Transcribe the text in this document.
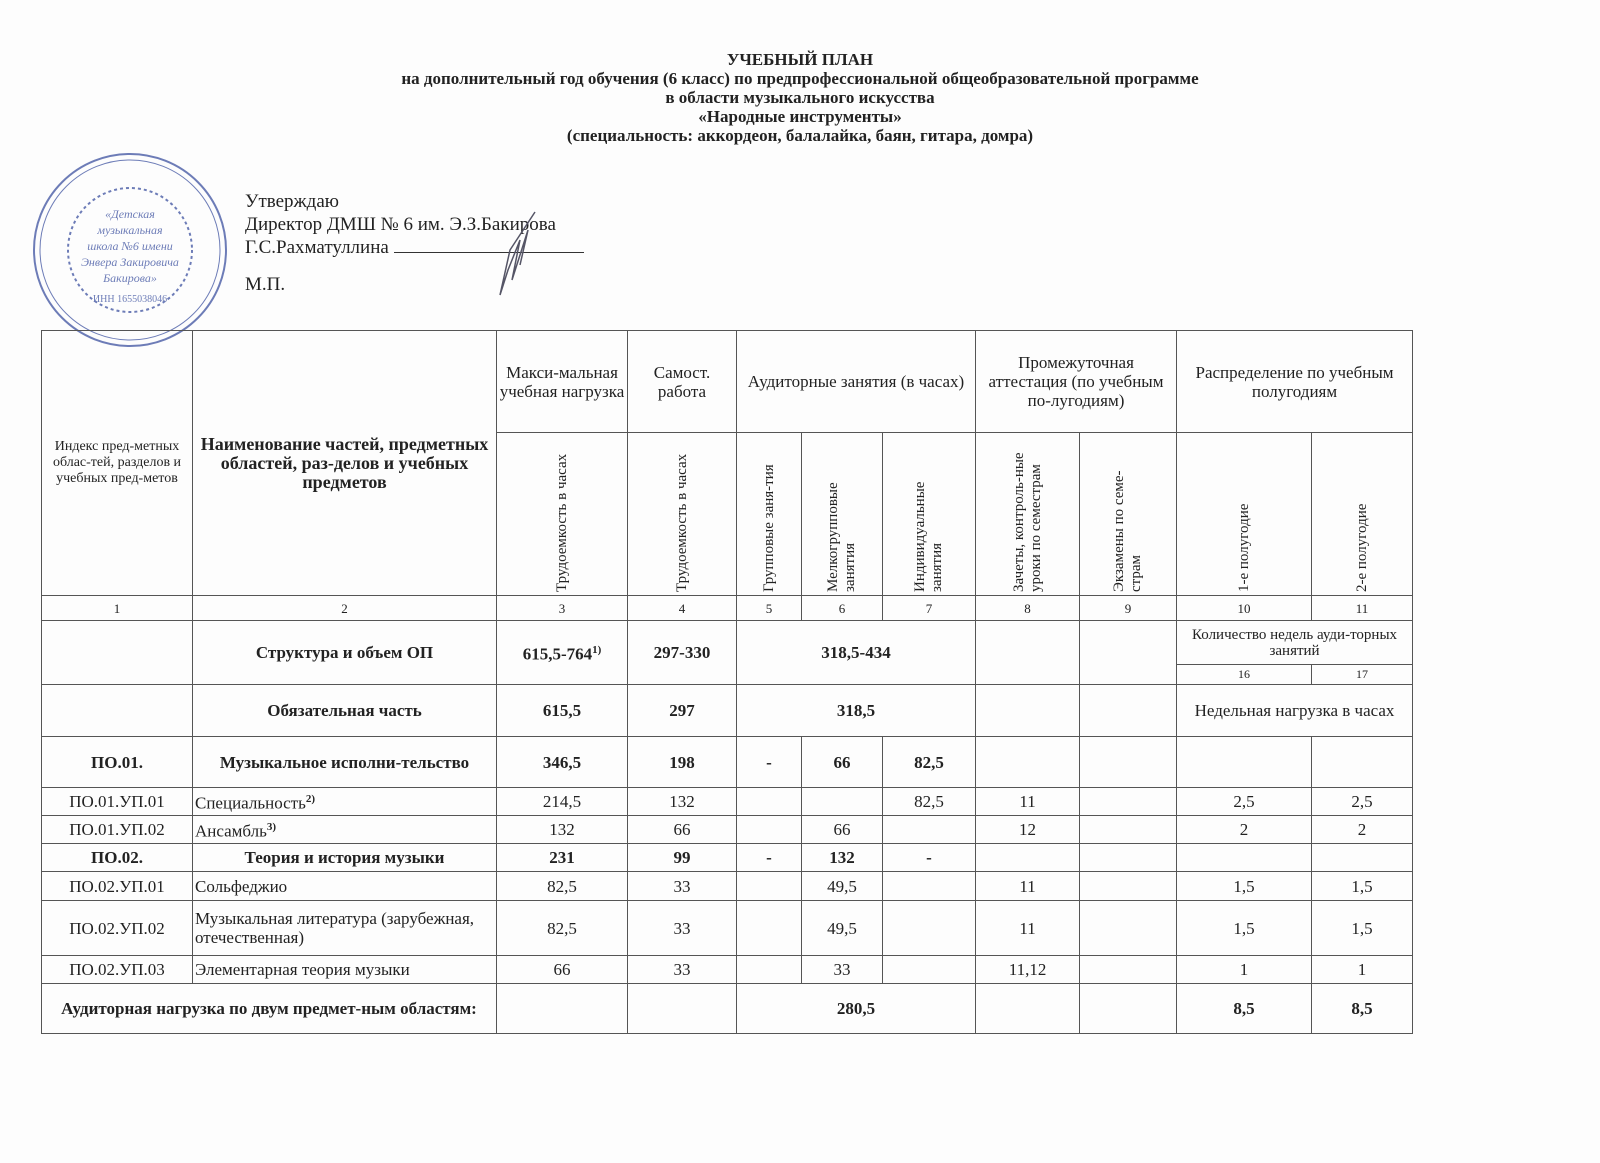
УЧЕБНЫЙ ПЛАН
на дополнительный год обучения (6 класс) по предпрофессиональной общеобразовательной программе
в области музыкального искусства
«Народные инструменты»
(специальность: аккордеон, балалайка, баян, гитара, домра)
«Детская
музыкальная
школа №6 имени
Энвера Закировича
Бакирова»
ИНН 1655038046
Утверждаю
Директор ДМШ № 6 им. Э.З.Бакирова
Г.С.Рахматуллина
М.П.
Индекс пред-метных облас-тей, разделов и учебных пред-метов	Наименование частей, предметных областей, раз-делов и учебных предметов	Макси-мальная учебная нагрузка	Самост. работа	Аудиторные занятия (в часах)			Промежуточная аттестация (по учебным по-лугодиям)		Распределение по учебным полугодиям	

		Трудоемкость в часах	Трудоемкость в часах	Групповые заня-тия	Мелкогрупповые занятия	Индивидуальные занятия	Зачеты, контроль-ные уроки по семестрам	Экзамены по семе-страм	1-е полугодие	2-е полугодие

1	2	3	4	5	6	7	8	9	10	11
	Структура и объем ОП	615,5-764$^{1)}$	297-330	318,5-434					Количество недель ауди-торных занятий	
									16	17
	Обязательная часть	615,5	297	318,5					Недельная нагрузка в часах	
ПО.01.	Музыкальное исполни-тельство	346,5	198	-	66	82,5				
ПО.01.УП.01	Специальность$^{2)}$	214,5	132			82,5	11		2,5	2,5
ПО.01.УП.02	Ансамбль$^{3)}$	132	66		66		12		2	2
ПО.02.	Теория и история музыки	231	99	-	132	-				
ПО.02.УП.01	Сольфеджио	82,5	33		49,5		11		1,5	1,5
ПО.02.УП.02	Музыкальная литература (зарубежная, отечественная)	82,5	33		49,5		11		1,5	1,5
ПО.02.УП.03	Элементарная теория музыки	66	33		33		11,12		1	1
Аудиторная нагрузка по двум предмет-ным областям:				280,5					8,5	8,5
